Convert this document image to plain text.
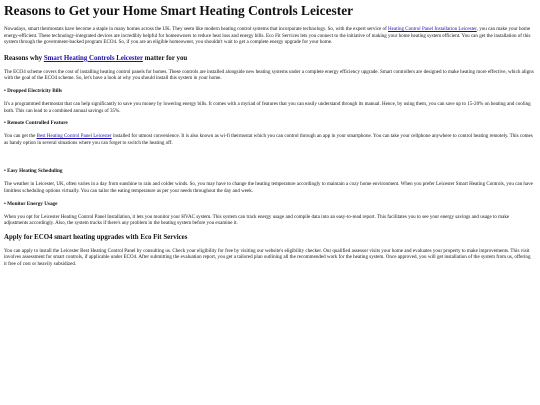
Reasons to Get your Home Smart Heating Controls Leicester

Nowadays, smart thermostats have become a staple in many homes across the UK. They seem like modern heating control systems that incorporate technology. So, with the expert service of Heating Control Panel Installation Leicester, you can make your home energy-efficient. These technology-integrated devices are incredibly helpful for homeowners to reduce heat loss and energy bills. Eco Fit Services lets you connect to the initiative of making your home heating system efficient. You can get the installation of this system through the government-backed program ECO4. So, if you are an eligible homeowner, you shouldn't wait to get a complete energy upgrade for your home.

Reasons why Smart Heating Controls Leicester matter for you

The ECO4 scheme covers the cost of installing heating control panels for homes. These controls are installed alongside new heating systems under a complete energy efficiency upgrade. Smart controllers are designed to make heating more effective, which aligns with the goal of the ECO4 scheme. So, let's have a look at why you should install this system in your home.

• Dropped Electricity Bills

It's a programmed thermostat that can help significantly to save you money by lowering energy bills. It comes with a myriad of features that you can easily understand through its manual. Hence, by using them, you can save up to 15-20% on heating and cooling both. This can lead to a combined annual savings of 35%.

• Remote Controlled Feature

You can get the Best Heating Control Panel Leicester installed for utmost convenience. It is also known as wi-fi thermostat which you can control through an app in your smartphone. You can take your cellphone anywhere to control heating remotely. This comes as handy option in several situations where you can forget to switch the heating off.

• Easy Heating Scheduling

The weather in Leicester, UK, often varies in a day from sunshine to rain and colder winds. So, you may have to change the heating temperature accordingly to maintain a cozy home environment. When you prefer Leicester Smart Heating Controls, you can have limitless scheduling options virtually. You can tailor the eating temperature as per your needs throughout the day and week.

• Monitor Energy Usage

When you opt for Leicester Heating Control Panel Installation, it lets you monitor your HVAC system. This system can track energy usage and compile data into an easy-to-read report. This facilitates you to see your energy savings and usage to make adjustments accordingly. Also, the system tracks if there's any problem in the heating system before you examine it.

Apply for ECO4 smart heating upgrades with Eco Fit Services

You can apply to install the Leicester Best Heating Control Panel by consulting us. Check your eligibility for free by visiting our website's eligibility checker. Our qualified assessor visits your home and evaluates your property to make improvements. This visit involves assessment for smart controls, if applicable under ECO4. After submitting the evaluation report, you get a tailored plan outlining all the recommended work for the heating system. Once approved, you will get installation of the system from us, offering it free of cost or heavily subsidized.
